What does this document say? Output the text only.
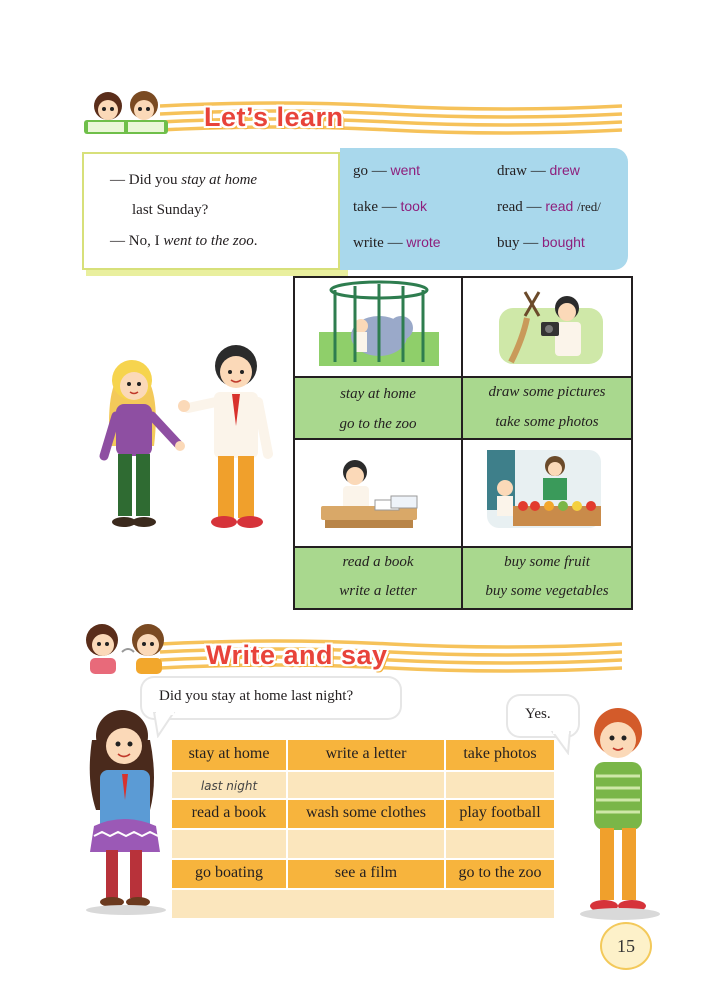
Let’s learn
— Did you stay at home
last Sunday?
— No, I went to the zoo.
go — went	draw — drew
take — took	read — read /red/
write — wrote	buy — bought
stay at home
go to the zoo
draw some pictures
take some photos
read a book
write a letter
buy some fruit
buy some vegetables
Write and say
Did you stay at home last night?
Yes.
stay at home	write a letter	take photos
last night
read a book	wash some clothes	play football
go boating	see a film	go to the zoo
15
